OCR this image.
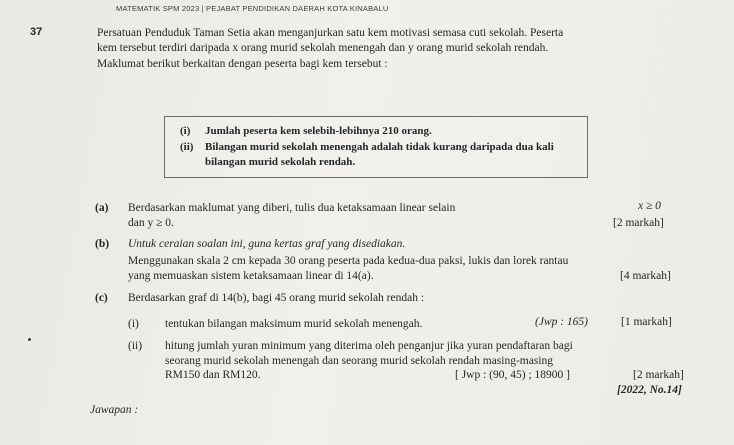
MATEMATIK SPM 2023 | PEJABAT PENDIDIKAN DAERAH KOTA KINABALU
37	Persatuan Penduduk Taman Setia akan menganjurkan satu kem motivasi semasa cuti sekolah. Peserta
kem tersebut terdiri daripada x orang murid sekolah menengah dan y orang murid sekolah rendah.
Maklumat berikut berkaitan dengan peserta bagi kem tersebut :
(i) Jumlah peserta kem selebih-lebihnya 210 orang.
(ii) Bilangan murid sekolah menengah adalah tidak kurang daripada dua kali
bilangan murid sekolah rendah.
(a) Berdasarkan maklumat yang diberi, tulis dua ketaksamaan linear selain	x ≥ 0
dan y ≥ 0.	[2 markah]
(b) Untuk ceraian soalan ini, guna kertas graf yang disediakan.
Menggunakan skala 2 cm kepada 30 orang peserta pada kedua-dua paksi, lukis dan lorek rantau
yang memuaskan sistem ketaksamaan linear di 14(a).	[4 markah]
(c) Berdasarkan graf di 14(b), bagi 45 orang murid sekolah rendah :
(i) tentukan bilangan maksimum murid sekolah menengah.	(Jwp : 165)	[1 markah]
(ii) hitung jumlah yuran minimum yang diterima oleh penganjur jika yuran pendaftaran bagi
seorang murid sekolah menengah dan seorang murid sekolah rendah masing-masing
RM150 dan RM120.	[ Jwp : (90, 45) ; 18900 ]	[2 markah]
[2022, No.14]
Jawapan :
